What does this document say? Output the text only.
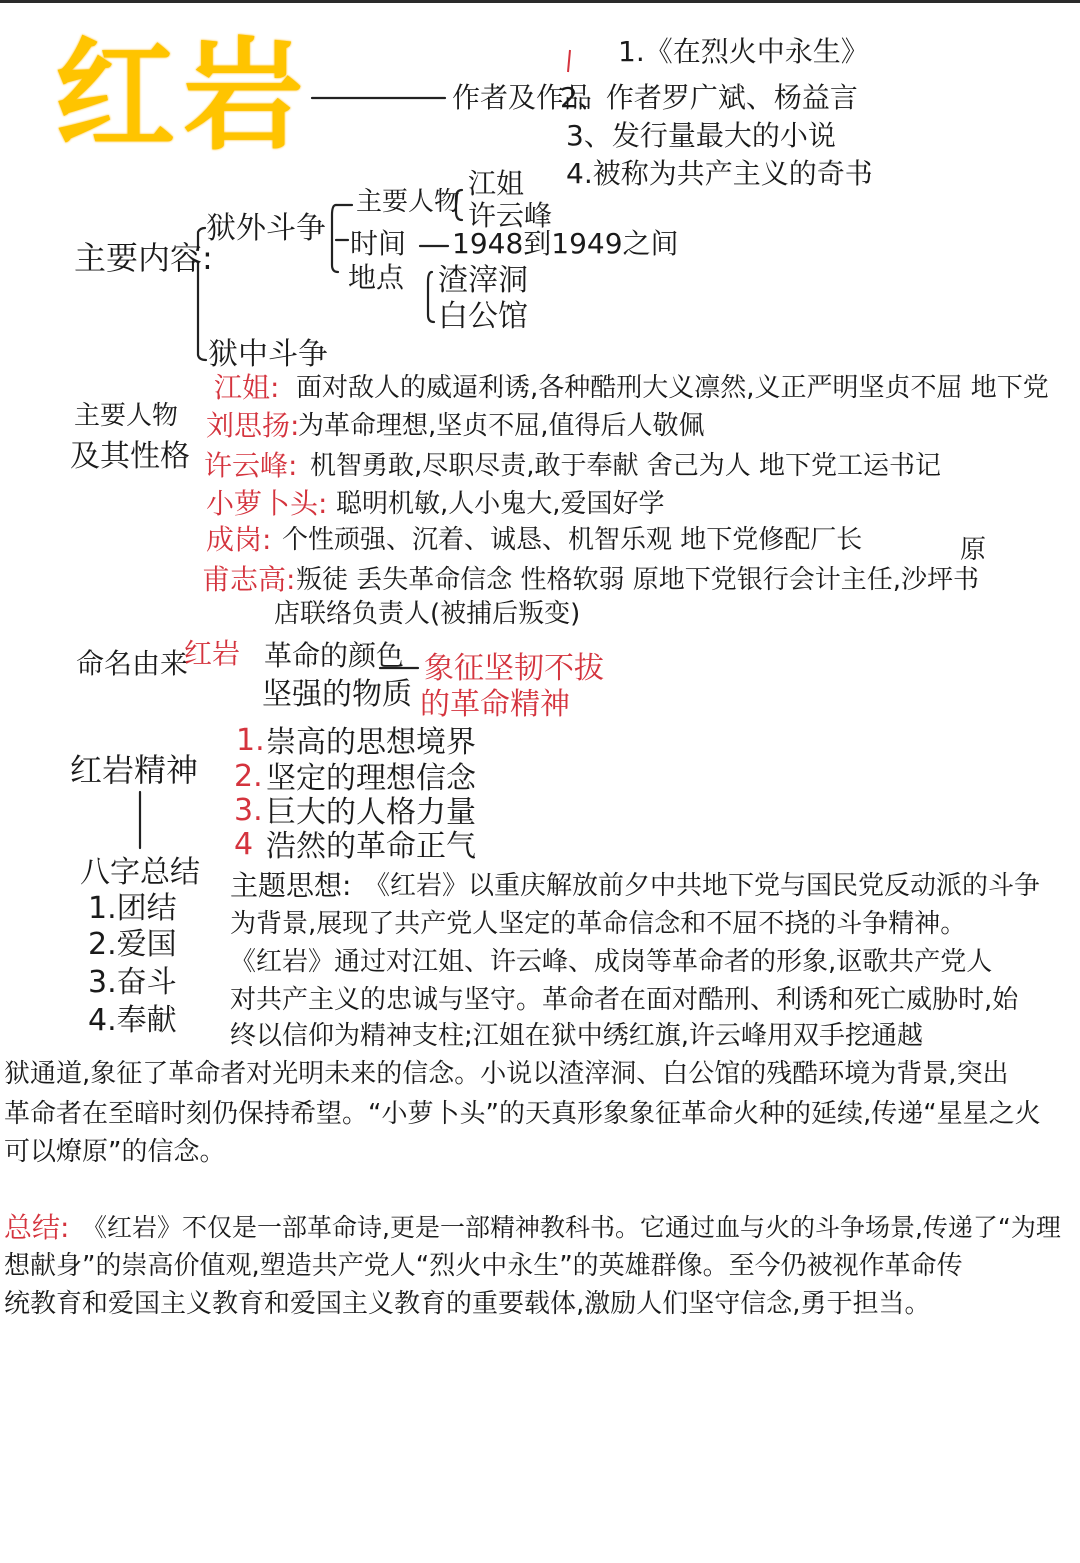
红岩	作者及作品
1.《在烈火中永生》
2、作者罗广斌、杨益言
3、发行量最大的小说
4.被称为共产主义的奇书
主要内容:
狱外斗争
狱中斗争
主要人物
江姐
许云峰
时间 1948到1949之间
地点 渣滓洞
白公馆
主要人物
及其性格
江姐: 面对敌人的威逼利诱,各种酷刑大义凛然,义正严明坚贞不屈 地下党
刘思扬:
为革命理想,坚贞不屈,值得后人敬佩
许云峰: 机智勇敢,尽职尽责,敢于奉献 舍己为人 地下党工运书记
小萝卜头: 聪明机敏,人小鬼大,爱国好学
成岗: 个性顽强、沉着、诚恳、机智乐观 地下党修配厂长
甫志高: 叛徒 丢失革命信念 性格软弱 原地下党银行会计主任,沙坪书
原
店联络负责人(被捕后叛变)
命名由来
红岩 革命的颜色
坚强的物质
象征坚韧不拔
的革命精神
红岩精神
1. 崇高的思想境界
2. 坚定的理想信念
3. 巨大的人格力量
4 浩然的革命正气
八字总结
1.团结
2.爱国
3.奋斗
4.奉献
主题思想: 《红岩》以重庆解放前夕中共地下党与国民党反动派的斗争
为背景,展现了共产党人坚定的革命信念和不屈不挠的斗争精神。
《红岩》通过对江姐、许云峰、成岗等革命者的形象,讴歌共产党人
对共产主义的忠诚与坚守。革命者在面对酷刑、利诱和死亡威胁时,始
终以信仰为精神支柱;江姐在狱中绣红旗,许云峰用双手挖通越
狱通道,象征了革命者对光明未来的信念。小说以渣滓洞、白公馆的残酷环境为背景,突出
革命者在至暗时刻仍保持希望。“小萝卜头”的天真形象象征革命火种的延续,传递“星星之火
可以燎原”的信念。
总结: 《红岩》不仅是一部革命诗,更是一部精神教科书。它通过血与火的斗争场景,传递了“为理
想献身”的崇高价值观,塑造共产党人“烈火中永生”的英雄群像。至今仍被视作革命传
统教育和爱国主义教育和爱国主义教育的重要载体,激励人们坚守信念,勇于担当。
